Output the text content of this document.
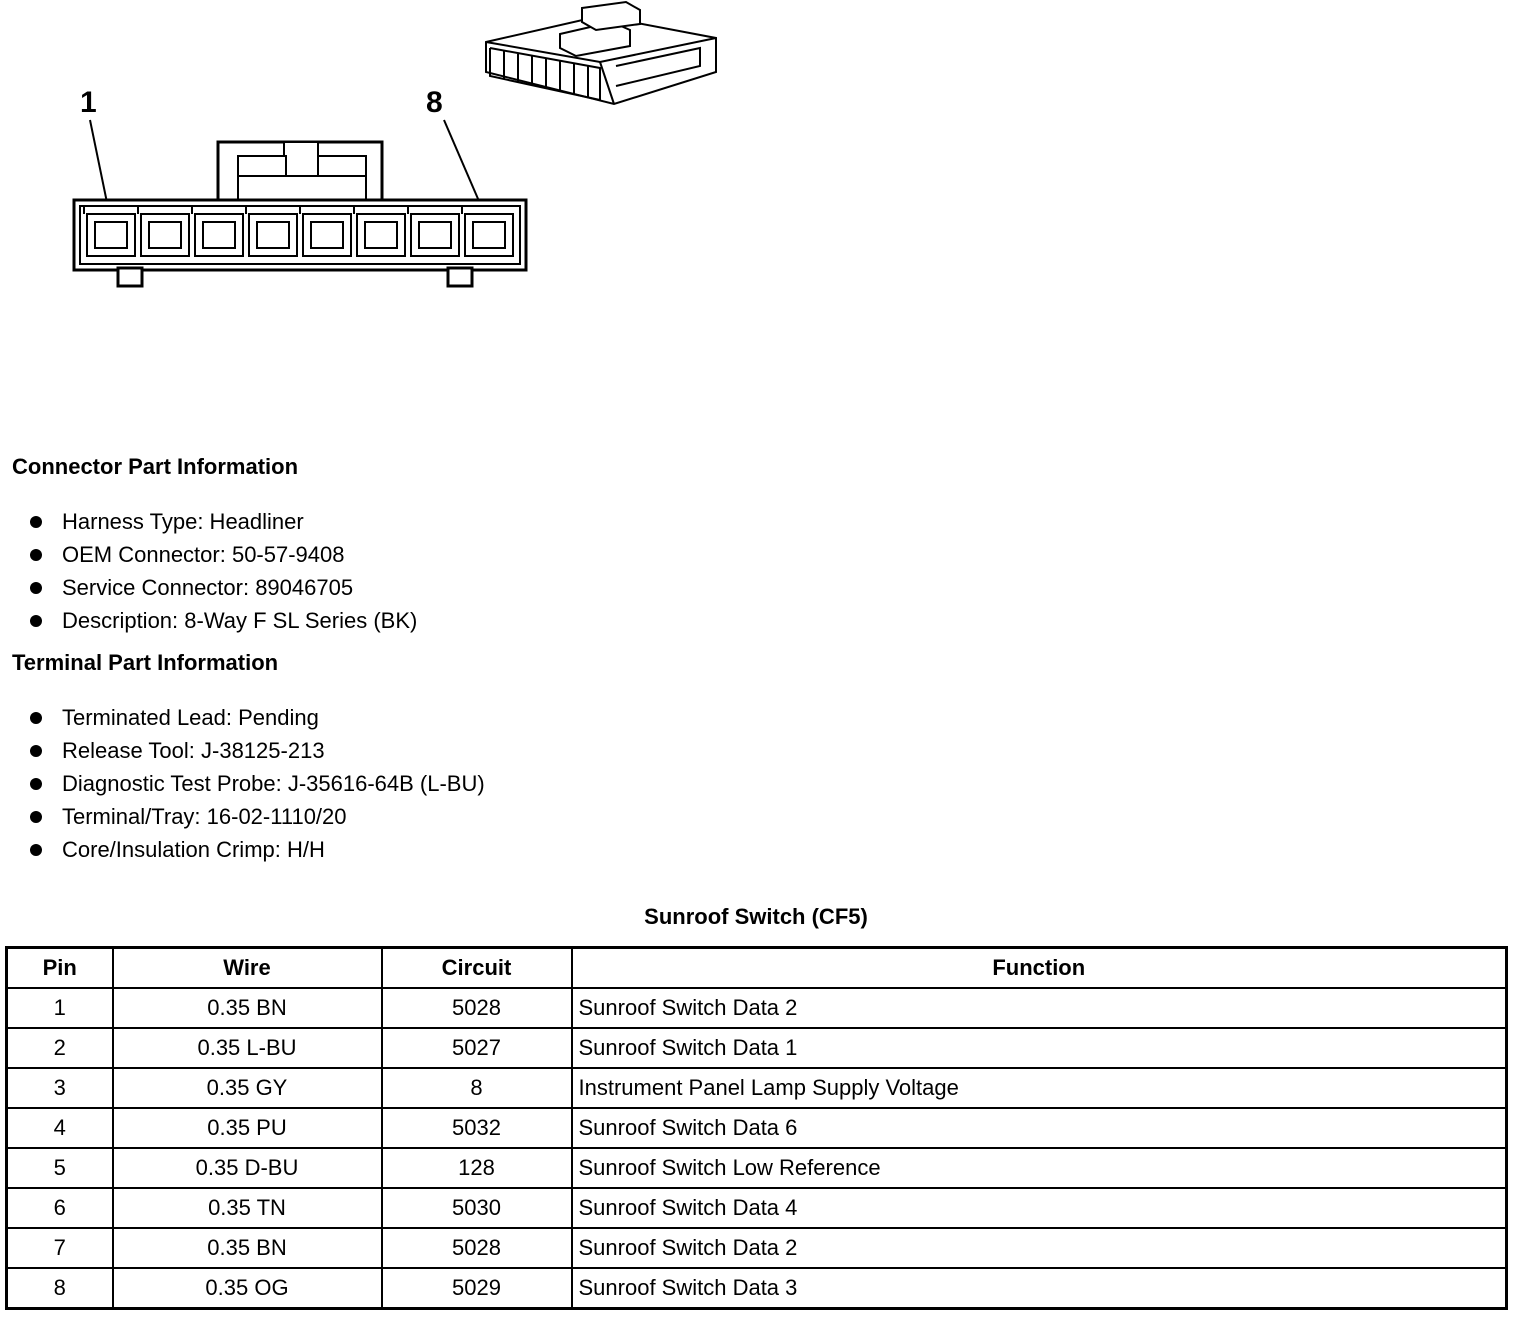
1	8
Connector Part Information
Harness Type: Headliner
OEM Connector: 50-57-9408
Service Connector: 89046705
Description: 8-Way F SL Series (BK)
Terminal Part Information
Terminated Lead: Pending
Release Tool: J-38125-213
Diagnostic Test Probe: J-35616-64B (L-BU)
Terminal/Tray: 16-02-1110/20
Core/Insulation Crimp: H/H
Sunroof Switch (CF5)
Pin	Wire	Circuit	Function
1	0.35 BN	5028	Sunroof Switch Data 2
2	0.35 L-BU	5027	Sunroof Switch Data 1
3	0.35 GY	8	Instrument Panel Lamp Supply Voltage
4	0.35 PU	5032	Sunroof Switch Data 6
5	0.35 D-BU	128	Sunroof Switch Low Reference
6	0.35 TN	5030	Sunroof Switch Data 4
7	0.35 BN	5028	Sunroof Switch Data 2
8	0.35 OG	5029	Sunroof Switch Data 3
